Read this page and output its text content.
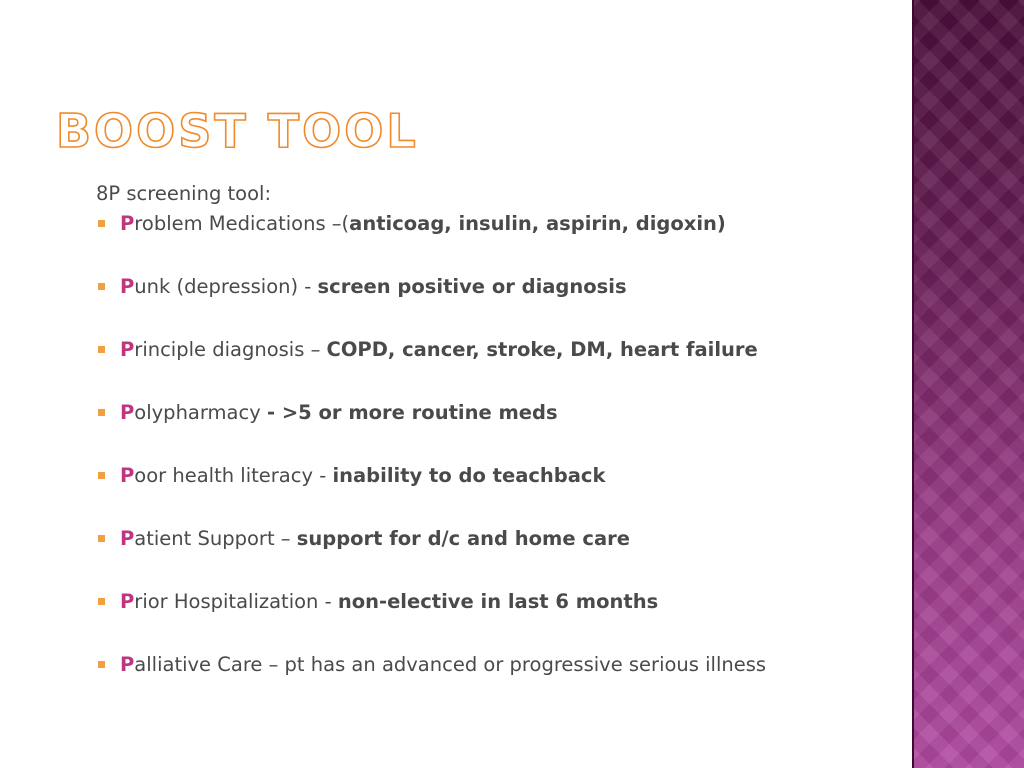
BOOST TOOL

8P screening tool:

Problem Medications –(anticoag, insulin, aspirin, digoxin)
Punk (depression) - screen positive or diagnosis
Principle diagnosis – COPD, cancer, stroke, DM, heart failure
Polypharmacy - >5 or more routine meds
Poor health literacy - inability to do teachback
Patient Support – support for d/c and home care
Prior Hospitalization - non-elective in last 6 months
Palliative Care – pt has an advanced or progressive serious illness
